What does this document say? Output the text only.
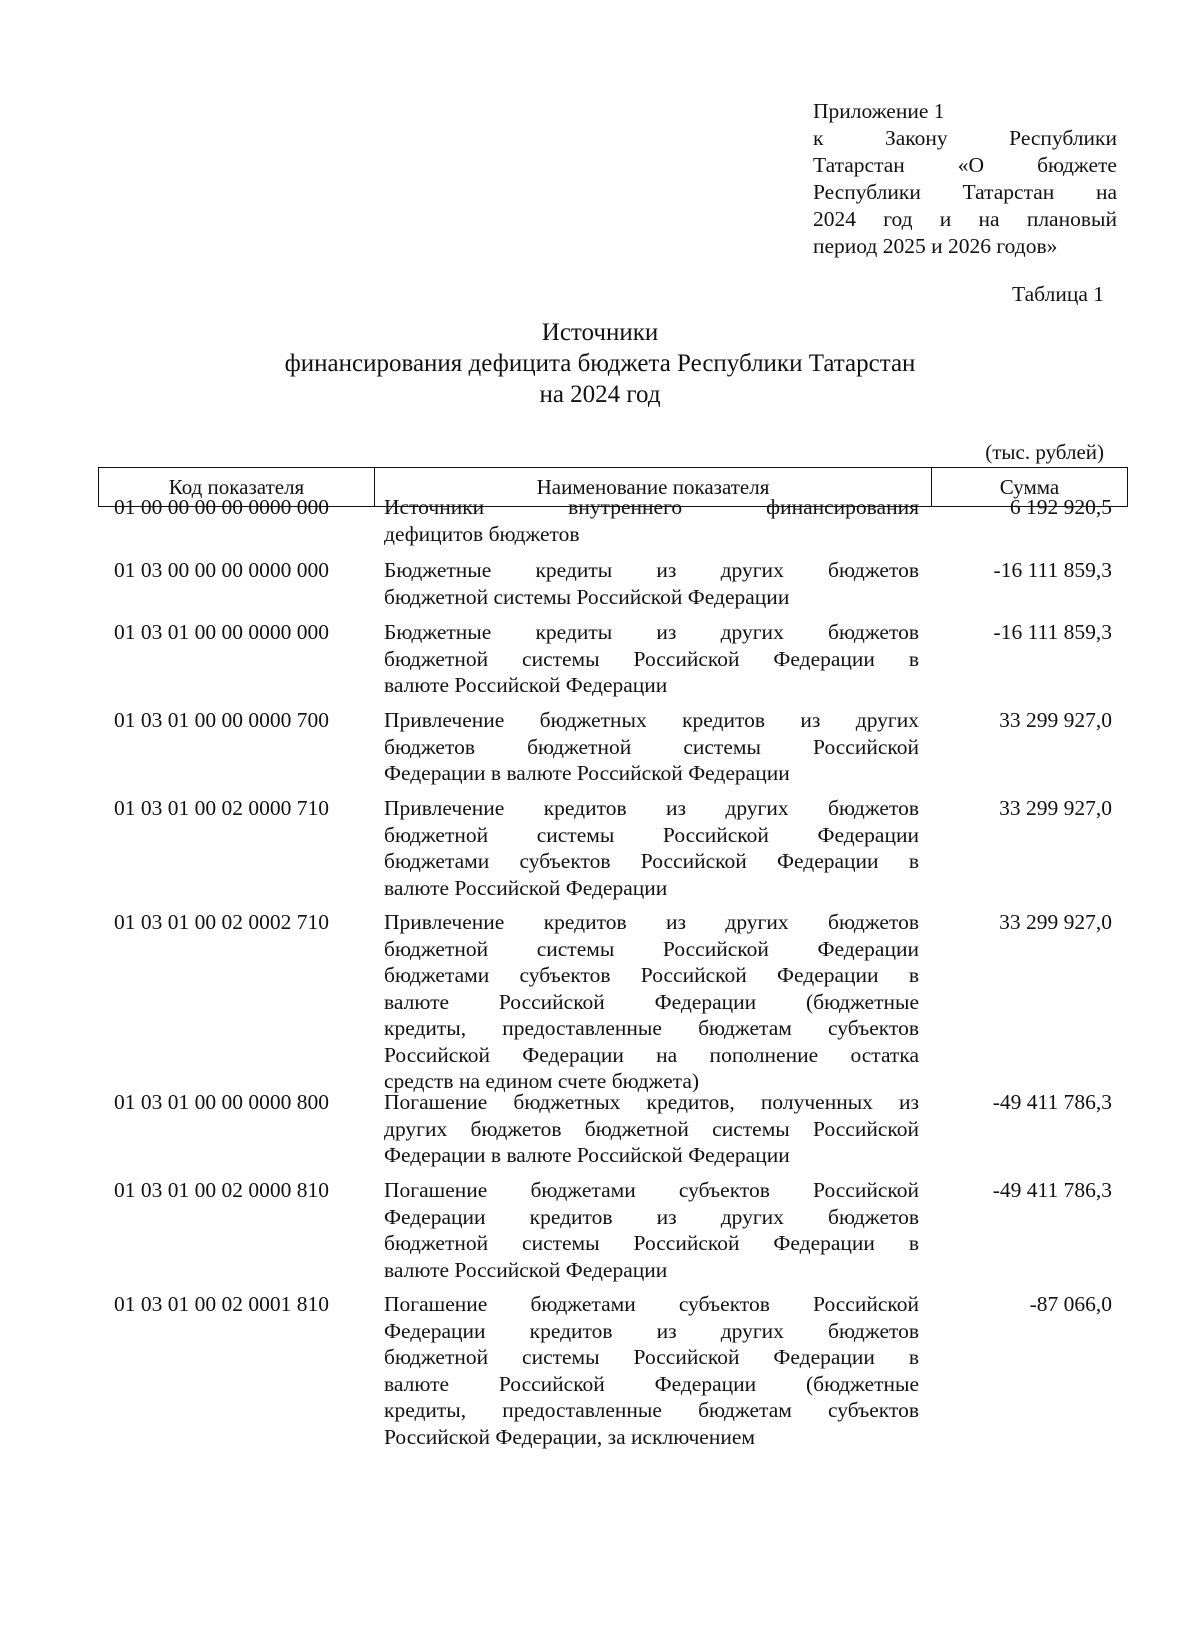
Приложение 1
к	Закону	Республики
Татарстан «О бюджете
Республики Татарстан на
2024 год и на плановый
период 2025 и 2026 годов»
Таблица 1
Источники
финансирования дефицита бюджета Республики Татарстан
на 2024 год
(тыс. рублей)
Код показателя	Наименование показателя	Сумма
01 00 00 00 00 0000 000	Источники внутреннего финансирования
дефицитов бюджетов
6 192 920,5
01 03 00 00 00 0000 000	Бюджетные кредиты из других бюджетов
бюджетной системы Российской Федерации
-16 111 859,3
01 03 01 00 00 0000 000	Бюджетные кредиты из других бюджетов
бюджетной системы Российской Федерации в
валюте Российской Федерации
-16 111 859,3
01 03 01 00 00 0000 700	Привлечение бюджетных кредитов из других
бюджетов бюджетной системы Российской
Федерации в валюте Российской Федерации
33 299 927,0
01 03 01 00 02 0000 710	Привлечение кредитов из других бюджетов
бюджетной системы Российской Федерации
бюджетами субъектов Российской Федерации в
валюте Российской Федерации
33 299 927,0
01 03 01 00 02 0002 710	Привлечение кредитов из других бюджетов
бюджетной системы Российской Федерации
бюджетами субъектов Российской Федерации в
валюте Российской Федерации (бюджетные
кредиты, предоставленные бюджетам субъектов
Российской Федерации на пополнение остатка
средств на едином счете бюджета)
33 299 927,0
01 03 01 00 00 0000 800	Погашение бюджетных кредитов, полученных из
других бюджетов бюджетной системы Российской
Федерации в валюте Российской Федерации
-49 411 786,3
01 03 01 00 02 0000 810	Погашение бюджетами субъектов Российской
Федерации кредитов из других бюджетов
бюджетной системы Российской Федерации в
валюте Российской Федерации
-49 411 786,3
01 03 01 00 02 0001 810	Погашение бюджетами субъектов Российской
Федерации кредитов из других бюджетов
бюджетной системы Российской Федерации в
валюте Российской Федерации (бюджетные
кредиты, предоставленные бюджетам субъектов
Российской Федерации, за исключением
-87 066,0
